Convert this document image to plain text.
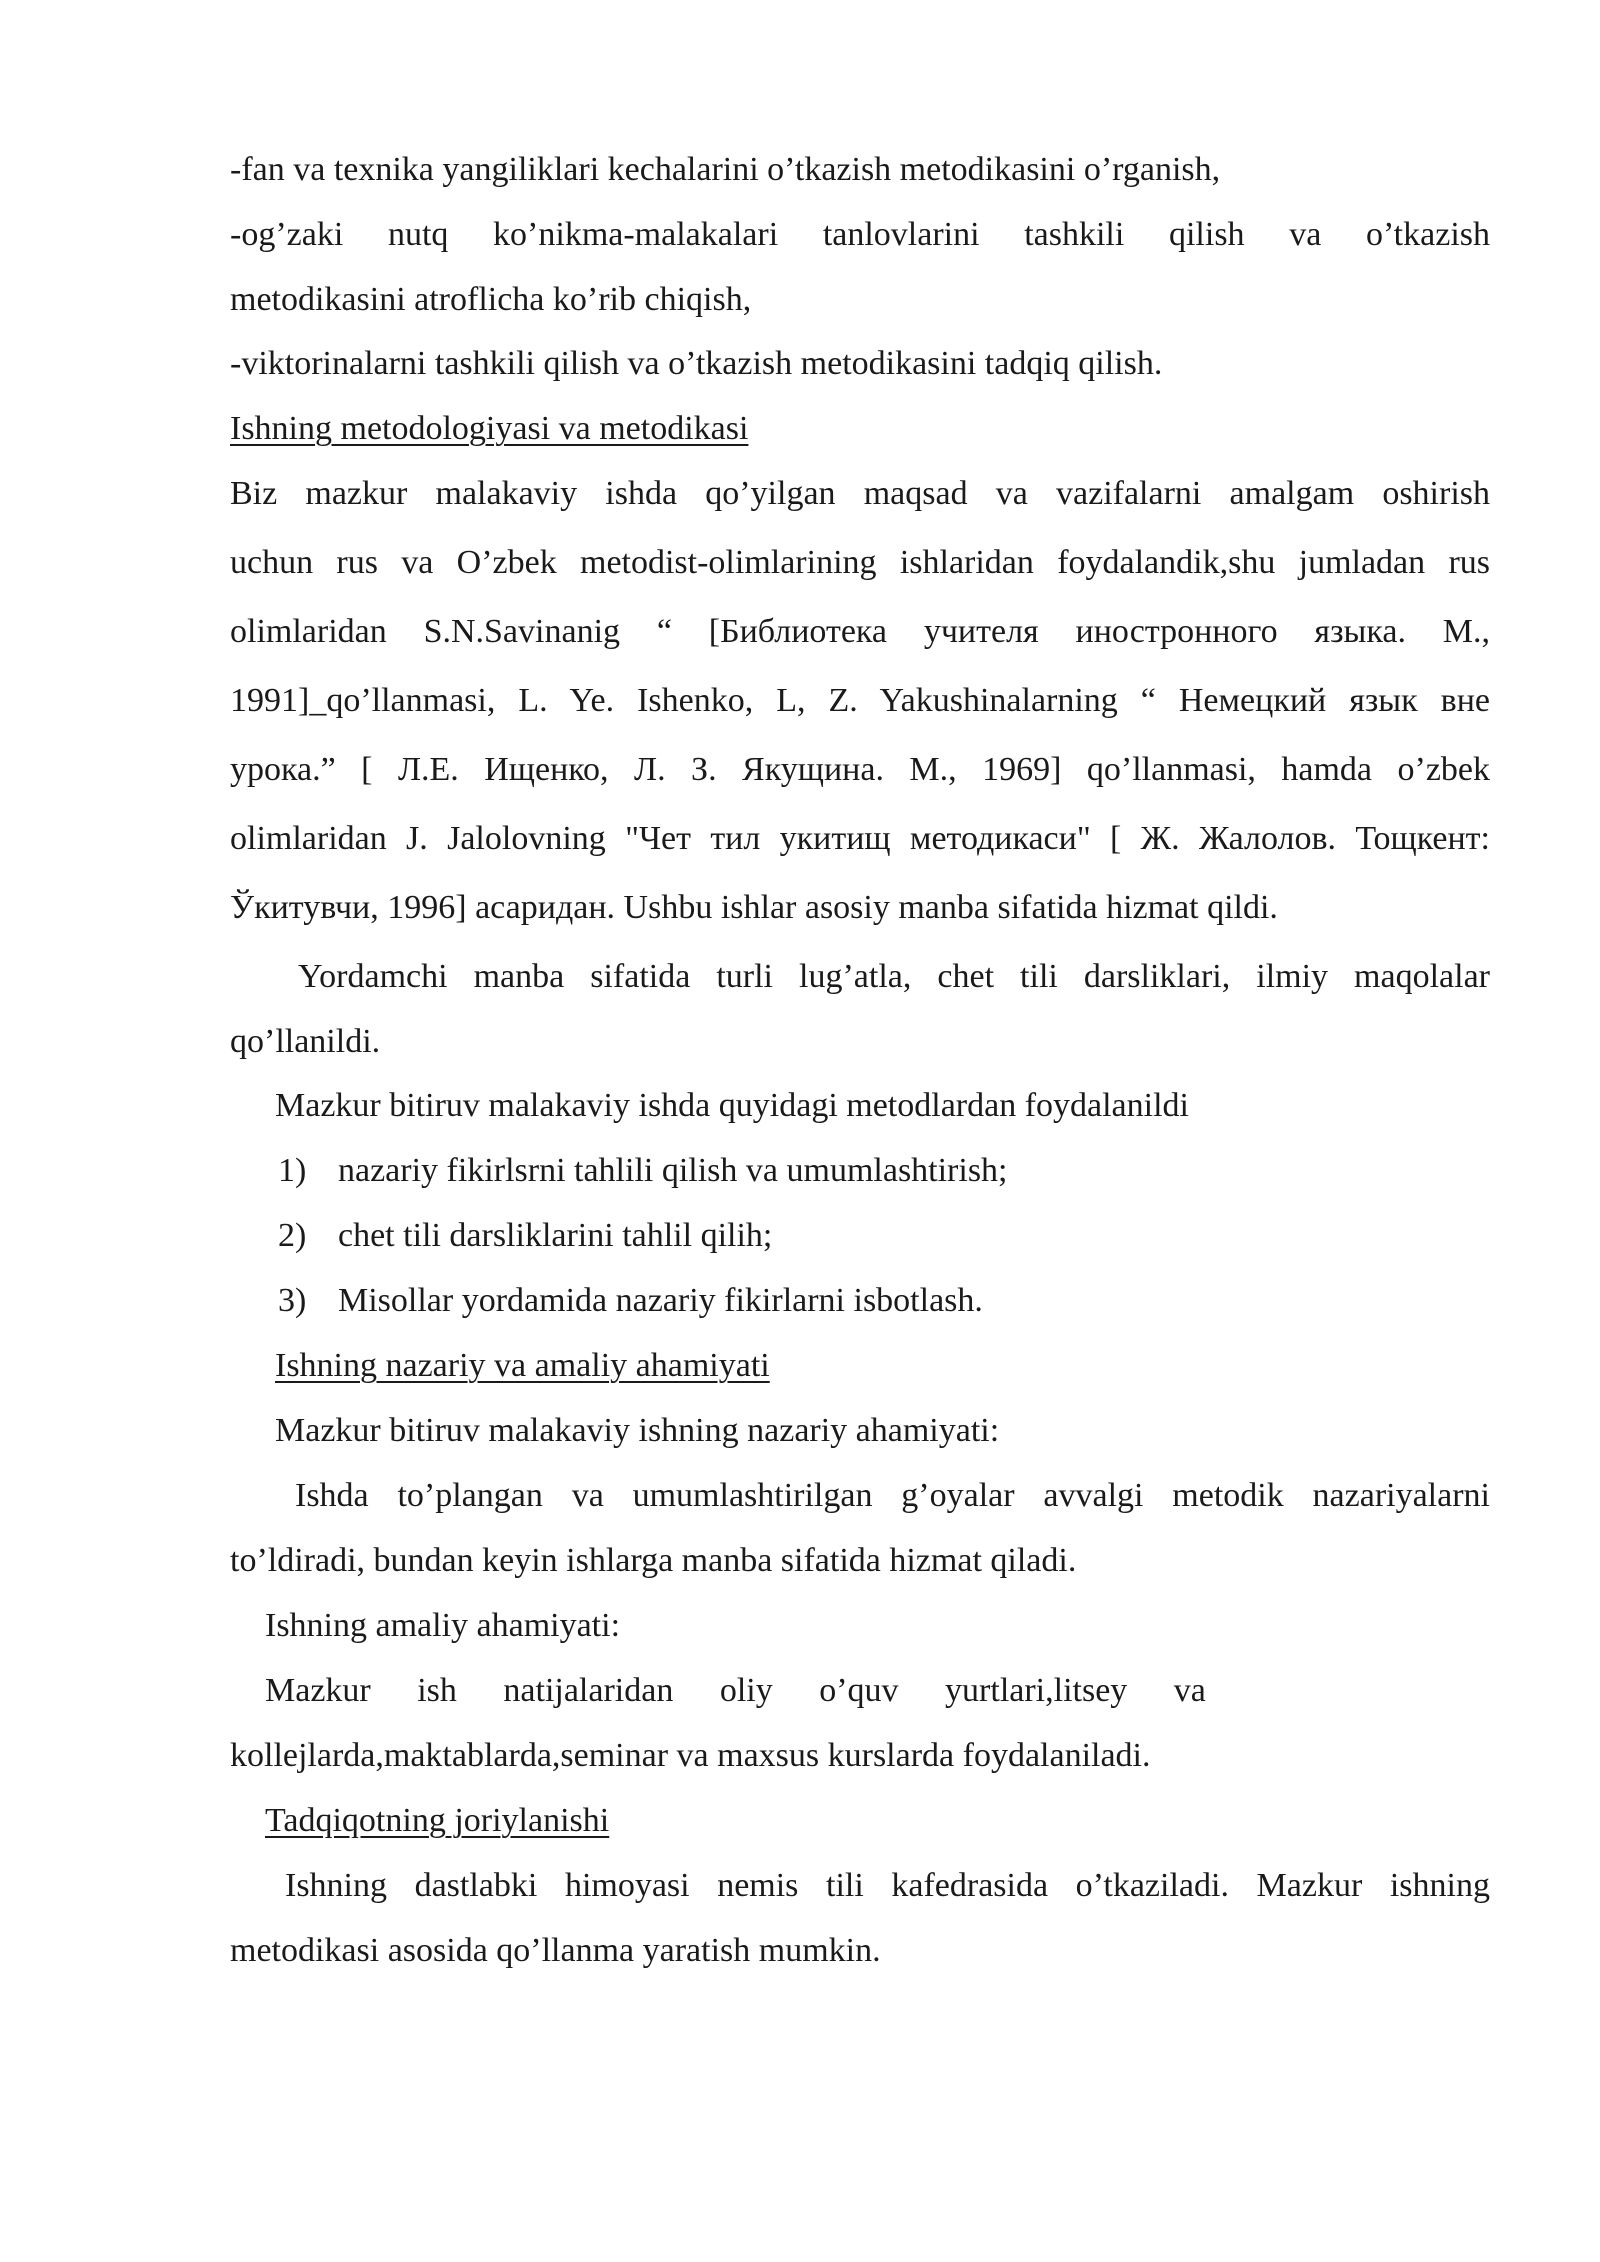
-fan va texnika yangiliklari kechalarini o’tkazish metodikasini o’rganish,
-og’zaki nutq ko’nikma-malakalari tanlovlarini tashkili qilish va o’tkazish
metodikasini atroflicha ko’rib chiqish,
-viktorinalarni tashkili qilish va o’tkazish metodikasini tadqiq qilish.
Ishning metodologiyasi va metodikasi
Biz mazkur malakaviy ishda qo’yilgan maqsad va vazifalarni amalgam oshirish
uchun rus va O’zbek metodist-olimlarining ishlaridan foydalandik,shu jumladan rus
olimlaridan S.N.Savinanig “ [Библиотека учителя иностронного языка. M.,
1991]_qo’llanmasi, L. Ye. Ishenko, L, Z. Yakushinalarning “ Немецкий язык вне
урока.” [ Л.Е. Ищенко, Л. З. Якущина. М., 1969] qo’llanmasi, hamda o’zbek
olimlaridan J. Jalolovning "Чет тил укитищ методикаси" [ Ж. Жалолов. Тощкент:
Ўкитувчи, 1996] асаридан. Ushbu ishlar asosiy manba sifatida hizmat qildi.
Yordamchi manba sifatida turli lug’atla, chet tili darsliklari, ilmiy maqolalar
qo’llanildi.
Mazkur bitiruv malakaviy ishda quyidagi metodlardan foydalanildi
1) nazariy fikirlsrni tahlili qilish va umumlashtirish;
2) chet tili darsliklarini tahlil qilih;
3) Misollar yordamida nazariy fikirlarni isbotlash.
Ishning nazariy va amaliy ahamiyati
Mazkur bitiruv malakaviy ishning nazariy ahamiyati:
Ishda to’plangan va umumlashtirilgan g’oyalar avvalgi metodik nazariyalarni
to’ldiradi, bundan keyin ishlarga manba sifatida hizmat qiladi.
Ishning amaliy ahamiyati:
Mazkur ish natijalaridan oliy o’quv yurtlari,litsey va
kollejlarda,maktablarda,seminar va maxsus kurslarda foydalaniladi.
Tadqiqotning joriylanishi
Ishning dastlabki himoyasi nemis tili kafedrasida o’tkaziladi. Mazkur ishning
metodikasi asosida qo’llanma yaratish mumkin.
